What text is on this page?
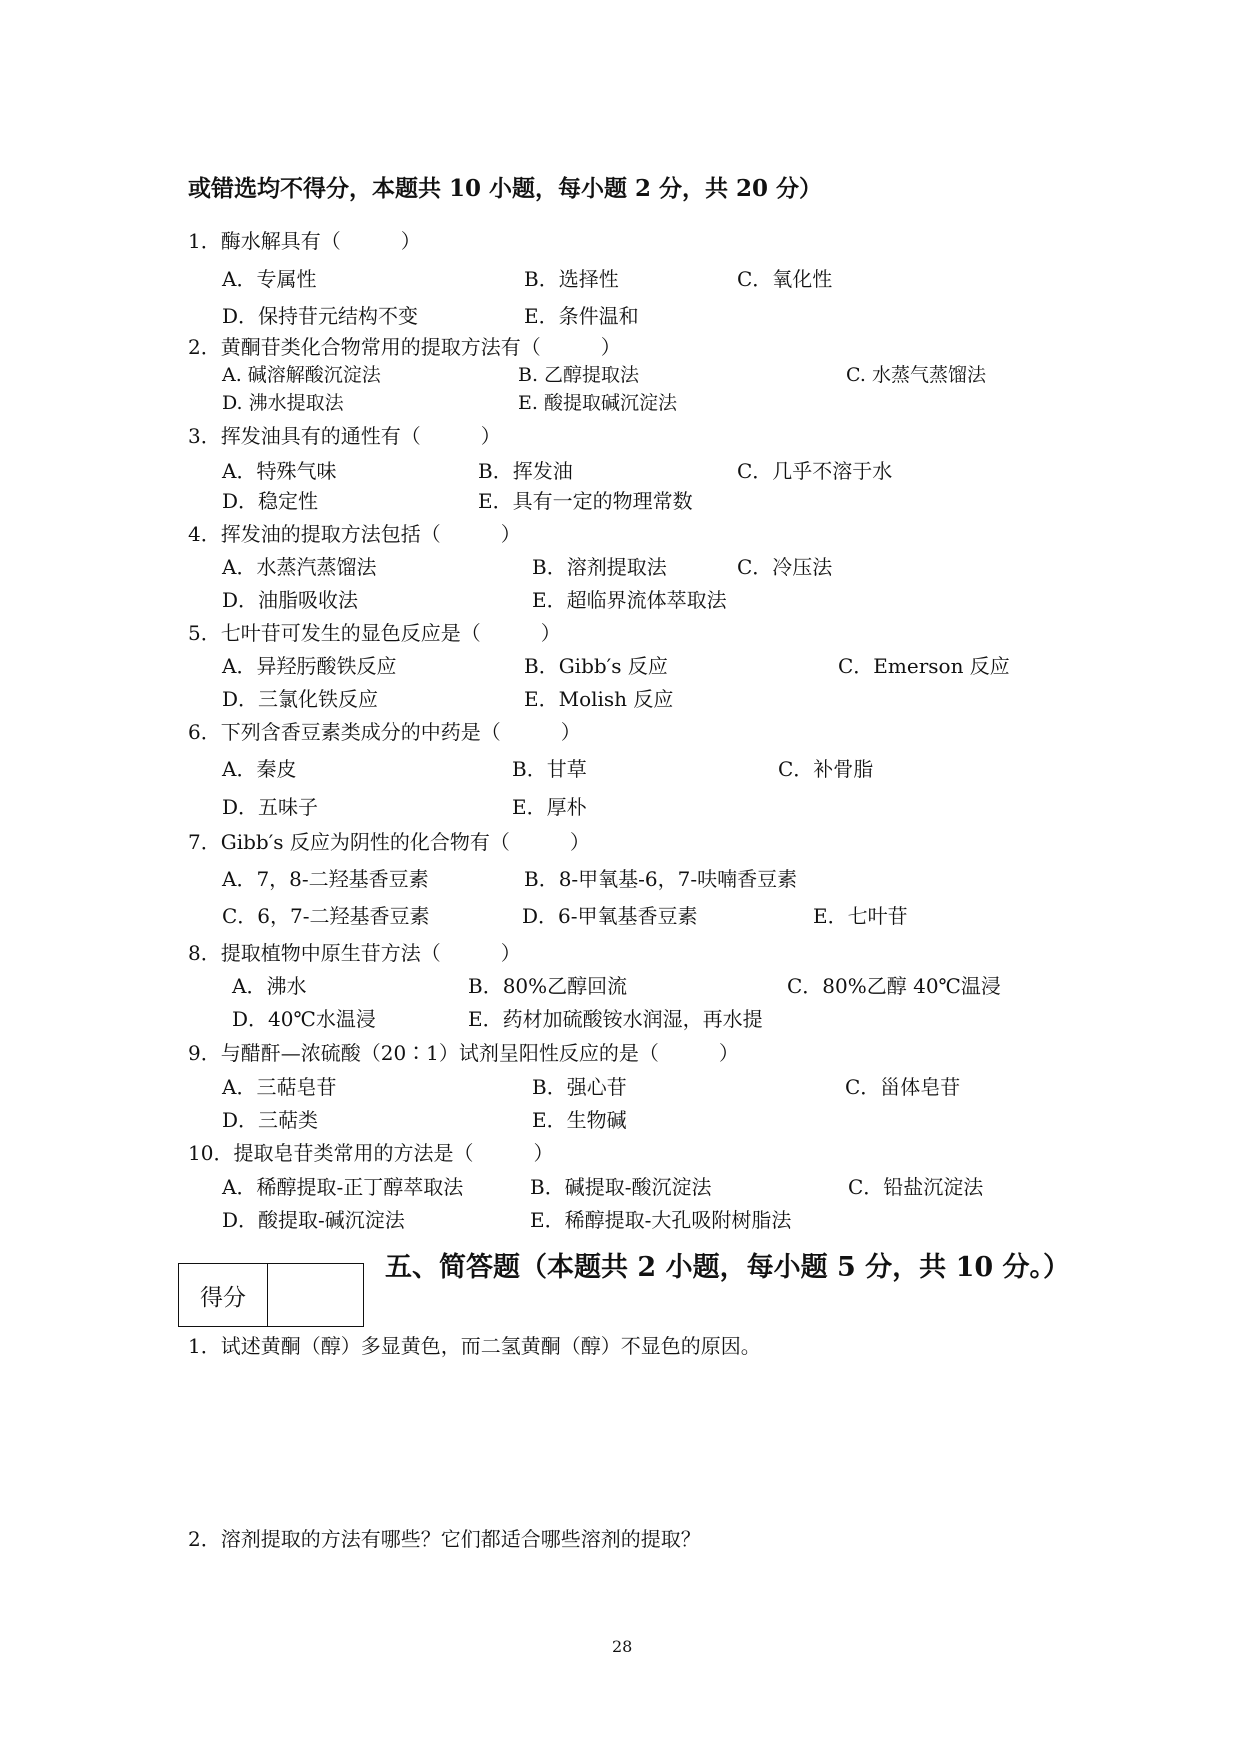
或错选均不得分，本题共 10 小题，每小题 2 分，共 20 分）
1．酶水解具有（　　　）
A．专属性	B．选择性	C．氧化性
D．保持苷元结构不变	E．条件温和
2．黄酮苷类化合物常用的提取方法有（　　　）
A. 碱溶解酸沉淀法	B. 乙醇提取法	C. 水蒸气蒸馏法
D. 沸水提取法	E. 酸提取碱沉淀法
3．挥发油具有的通性有（　　　）
A．特殊气味	B．挥发油	C．几乎不溶于水
D．稳定性	E．具有一定的物理常数
4．挥发油的提取方法包括（　　　）
A．水蒸汽蒸馏法	B．溶剂提取法	C．冷压法
D．油脂吸收法	E．超临界流体萃取法
5．七叶苷可发生的显色反应是（　　　）
A．异羟肟酸铁反应	B．Gibb′s 反应	C．Emerson 反应
D．三氯化铁反应	E．Molish 反应
6．下列含香豆素类成分的中药是（　　　）
A．秦皮	B．甘草	C．补骨脂
D．五味子	E．厚朴
7．Gibb′s 反应为阴性的化合物有（　　　）
A．7，8-二羟基香豆素	B．8-甲氧基-6，7-呋喃香豆素
C．6，7-二羟基香豆素	D．6-甲氧基香豆素	E．七叶苷
8．提取植物中原生苷方法（　　　）
A．沸水	B．80%乙醇回流	C．80%乙醇 40℃温浸
D．40℃水温浸	E．药材加硫酸铵水润湿，再水提
9．与醋酐—浓硫酸（20∶1）试剂呈阳性反应的是（　　　）
A．三萜皂苷	B．强心苷	C．甾体皂苷
D．三萜类	E．生物碱
10．提取皂苷类常用的方法是（　　　）
A．稀醇提取-正丁醇萃取法	B．碱提取-酸沉淀法	C．铅盐沉淀法
D．酸提取-碱沉淀法	E．稀醇提取-大孔吸附树脂法
得分
五、简答题（本题共 2 小题，每小题 5 分，共 10 分。）
1．试述黄酮（醇）多显黄色，而二氢黄酮（醇）不显色的原因。
2．溶剂提取的方法有哪些？它们都适合哪些溶剂的提取？
28
